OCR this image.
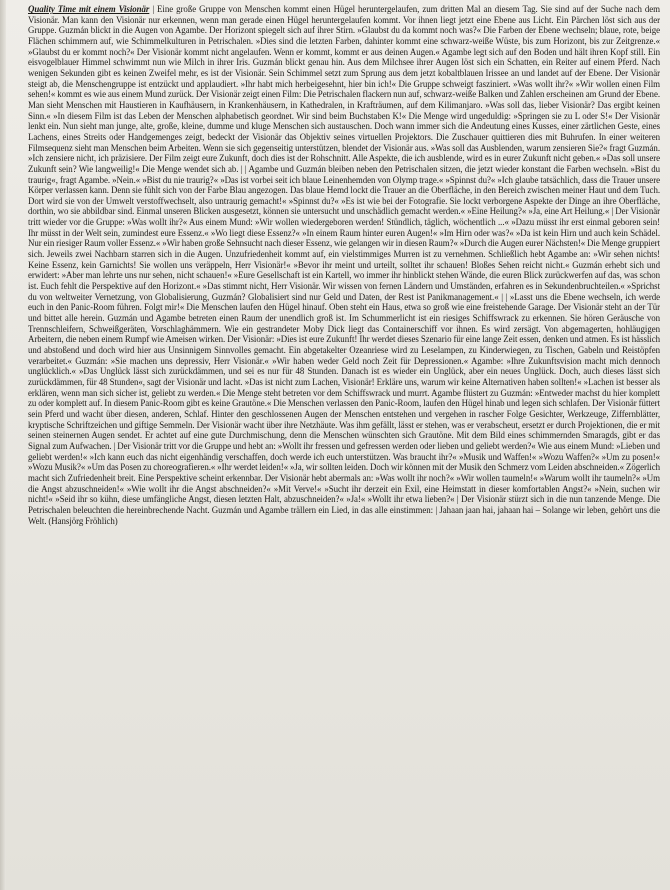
Quality Time mit einem Visionär | Eine große Gruppe von Menschen kommt einen Hügel heruntergelaufen, zum dritten Mal an diesem Tag. Sie sind auf der Suche nach dem Visionär. Man kann den Visionär nur erkennen, wenn man gerade einen Hügel heruntergelaufen kommt. Vor ihnen liegt jetzt eine Ebene aus Licht. Ein Pärchen löst sich aus der Gruppe. Guzmán blickt in die Augen von Agambe. Der Horizont spiegelt sich auf ihrer Stirn. »Glaubst du da kommt noch was?« Die Farben der Ebene wechseln; blaue, rote, beige Flächen schimmern auf, wie Schimmelkulturen in Petrischalen. »Dies sind die letzten Farben, dahinter kommt eine schwarz-weiße Wüste, bis zum Horizont, bis zur Zeitgrenze.« »Glaubst du er kommt noch?« Der Visionär kommt nicht angelaufen. Wenn er kommt, kommt er aus deinen Augen.« Agambe legt sich auf den Boden und hält ihren Kopf still. Ein eisvogelblauer Himmel schwimmt nun wie Milch in ihrer Iris. Guzmán blickt genau hin. Aus dem Milchsee ihrer Augen löst sich ein Schatten, ein Reiter auf einem Pferd. Nach wenigen Sekunden gibt es keinen Zweifel mehr, es ist der Visionär. Sein Schimmel setzt zum Sprung aus dem jetzt kobaltblauen Irissee an und landet auf der Ebene. Der Visionär steigt ab, die Menschengruppe ist entzückt und applaudiert. »Ihr habt mich herbeigesehnt, hier bin ich!« Die Gruppe schweigt fasziniert. »Was wollt ihr?« »Wir wollen einen Film sehen!« kommt es wie aus einem Mund zurück. Der Visionär zeigt einen Film: Die Petrischalen flackern nun auf, schwarz-weiße Balken und Zahlen erscheinen am Grund der Ebene. Man sieht Menschen mit Haustieren in Kaufhäusern, in Krankenhäusern, in Kathedralen, in Krafträumen, auf dem Kilimanjaro. »Was soll das, lieber Visionär? Das ergibt keinen Sinn.« »In diesem Film ist das Leben der Menschen alphabetisch geordnet. Wir sind beim Buchstaben K!« Die Menge wird ungeduldig: »Springen sie zu L oder S!« Der Visionär lenkt ein. Nun sieht man junge, alte, große, kleine, dumme und kluge Menschen sich austauschen. Doch wann immer sich die Andeutung eines Kusses, einer zärtlichen Geste, eines Lachens, eines Streits oder Handgemenges zeigt, bedeckt der Visionär das Objektiv seines virtuellen Projektors. Die Zuschauer quittieren dies mit Buhrufen. In einer weiteren Filmsequenz sieht man Menschen beim Arbeiten. Wenn sie sich gegenseitig unterstützen, blendet der Visionär aus. »Was soll das Ausblenden, warum zensieren Sie?« fragt Guzmán. »Ich zensiere nicht, ich präzisiere. Der Film zeigt eure Zukunft, doch dies ist der Rohschnitt. Alle Aspekte, die ich ausblende, wird es in eurer Zukunft nicht geben.« »Das soll unsere Zukunft sein? Wie langweilig!« Die Menge wendet sich ab. | | Agambe und Guzmán bleiben neben den Petrischalen sitzen, die jetzt wieder konstant die Farben wechseln. »Bist du traurig«, fragt Agambe. »Nein.« »Bist du nie traurig?« »Das ist vorbei seit ich blaue Leinenhemden von Olymp trage.« »Spinnst du?« »Ich glaube tatsächlich, dass die Trauer unsere Körper verlassen kann. Denn sie fühlt sich von der Farbe Blau angezogen. Das blaue Hemd lockt die Trauer an die Oberfläche, in den Bereich zwischen meiner Haut und dem Tuch. Dort wird sie von der Umwelt verstoffwechselt, also untraurig gemacht!« »Spinnst du?« »Es ist wie bei der Fotografie. Sie lockt verborgene Aspekte der Dinge an ihre Oberfläche, dorthin, wo sie abbildbar sind. Einmal unseren Blicken ausgesetzt, können sie untersucht und unschädlich gemacht werden.« »Eine Heilung?« »Ja, eine Art Heilung.« | Der Visionär tritt wieder vor die Gruppe: »Was wollt ihr?« Aus einem Mund: »Wir wollen wiedergeboren werden! Stündlich, täglich, wöchentlich ...« »Dazu müsst ihr erst einmal geboren sein! Ihr müsst in der Welt sein, zumindest eure Essenz.« »Wo liegt diese Essenz?« »In einem Raum hinter euren Augen!« »Im Hirn oder was?« »Da ist kein Hirn und auch kein Schädel. Nur ein riesiger Raum voller Essenz.« »Wir haben große Sehnsucht nach dieser Essenz, wie gelangen wir in diesen Raum?« »Durch die Augen eurer Nächsten!« Die Menge gruppiert sich. Jeweils zwei Nachbarn starren sich in die Augen. Unzufriedenheit kommt auf, ein vielstimmiges Murren ist zu vernehmen. Schließlich hebt Agambe an: »Wir sehen nichts! Keine Essenz, kein Garnichts! Sie wollen uns veräppeln, Herr Visionär!« »Bevor ihr meint und urteilt, solltet ihr schauen! Bloßes Sehen reicht nicht.« Guzmán erhebt sich und erwidert: »Aber man lehrte uns nur sehen, nicht schauen!« »Eure Gesellschaft ist ein Kartell, wo immer ihr hinblickt stehen Wände, die euren Blick zurückwerfen auf das, was schon ist. Euch fehlt die Perspektive auf den Horizont.« »Das stimmt nicht, Herr Visionär. Wir wissen von fernen Ländern und Umständen, erfahren es in Sekundenbruchteilen.« »Sprichst du von weltweiter Vernetzung, von Globalisierung, Guzmán? Globalisiert sind nur Geld und Daten, der Rest ist Panikmanagement.« | | »Lasst uns die Ebene wechseln, ich werde euch in den Panic-Room führen. Folgt mir!« Die Menschen laufen den Hügel hinauf. Oben steht ein Haus, etwa so groß wie eine freistehende Garage. Der Visionär steht an der Tür und bittet alle herein. Guzmán und Agambe betreten einen Raum der unendlich groß ist. Im Schummerlicht ist ein riesiges Schiffswrack zu erkennen. Sie hören Geräusche von Trennschleifern, Schweißgeräten, Vorschlaghämmern. Wie ein gestrandeter Moby Dick liegt das Containerschiff vor ihnen. Es wird zersägt. Von abgemagerten, hohläugigen Arbeitern, die neben einem Rumpf wie Ameisen wirken. Der Visionär: »Dies ist eure Zukunft! Ihr werdet dieses Szenario für eine lange Zeit essen, denken und atmen. Es ist hässlich und abstoßend und doch wird hier aus Unsinnigem Sinnvolles gemacht. Ein abgetakelter Ozeanriese wird zu Leselampen, zu Kinderwiegen, zu Tischen, Gabeln und Reistöpfen verarbeitet.« Guzmán: »Sie machen uns depressiv, Herr Visionär.« »Wir haben weder Geld noch Zeit für Depressionen.« Agambe: »Ihre Zukunftsvision macht mich dennoch unglücklich.« »Das Unglück lässt sich zurückdämmen, und sei es nur für 48 Stunden. Danach ist es wieder ein Unglück, aber ein neues Unglück. Doch, auch dieses lässt sich zurückdämmen, für 48 Stunden«, sagt der Visionär und lacht. »Das ist nicht zum Lachen, Visionär! Erkläre uns, warum wir keine Alternativen haben sollten!« »Lachen ist besser als erklären, wenn man sich sicher ist, geliebt zu werden.« Die Menge steht betreten vor dem Schiffswrack und murrt. Agambe flüstert zu Guzmán: »Entweder machst du hier komplett zu oder komplett auf. In diesem Panic-Room gibt es keine Grautöne.« Die Menschen verlassen den Panic-Room, laufen den Hügel hinab und legen sich schlafen. Der Visionär füttert sein Pferd und wacht über diesen, anderen, Schlaf. Hinter den geschlossenen Augen der Menschen entstehen und vergehen in rascher Folge Gesichter, Werkzeuge, Ziffernblätter, kryptische Schriftzeichen und giftige Semmeln. Der Visionär wacht über ihre Netzhäute. Was ihm gefällt, lässt er stehen, was er verabscheut, ersetzt er durch Projektionen, die er mit seinen steinernen Augen sendet. Er achtet auf eine gute Durchmischung, denn die Menschen wünschten sich Grautöne. Mit dem Bild eines schimmernden Smaragds, gibt er das Signal zum Aufwachen. | Der Visionär tritt vor die Gruppe und hebt an: »Wollt ihr fressen und gefressen werden oder lieben und geliebt werden?« Wie aus einem Mund: »Lieben und geliebt werden!« »Ich kann euch das nicht eigenhändig verschaffen, doch werde ich euch unterstützen. Was braucht ihr?« »Musik und Waffen!« »Wozu Waffen?« »Um zu posen!« »Wozu Musik?« »Um das Posen zu choreografieren.« »Ihr werdet leiden!« »Ja, wir sollten leiden. Doch wir können mit der Musik den Schmerz vom Leiden abschneiden.« Zögerlich macht sich Zufriedenheit breit. Eine Perspektive scheint erkennbar. Der Visionär hebt abermals an: »Was wollt ihr noch?« »Wir wollen taumeln!« »Warum wollt ihr taumeln?« »Um die Angst abzuschneiden!« »Wie wollt ihr die Angst abschneiden?« »Mit Verve!« »Sucht ihr derzeit ein Exil, eine Heimstatt in dieser komfortablen Angst?« »Nein, suchen wir nicht!« »Seid ihr so kühn, diese umfängliche Angst, diesen letzten Halt, abzuschneiden?« »Ja!« »Wollt ihr etwa lieben?« | Der Visionär stürzt sich in die nun tanzende Menge. Die Petrischalen beleuchten die hereinbrechende Nacht. Guzmán und Agambe trällern ein Lied, in das alle einstimmen: | Jahaan jaan hai, jahaan hai – Solange wir leben, gehört uns die Welt. (Hansjörg Fröhlich)
